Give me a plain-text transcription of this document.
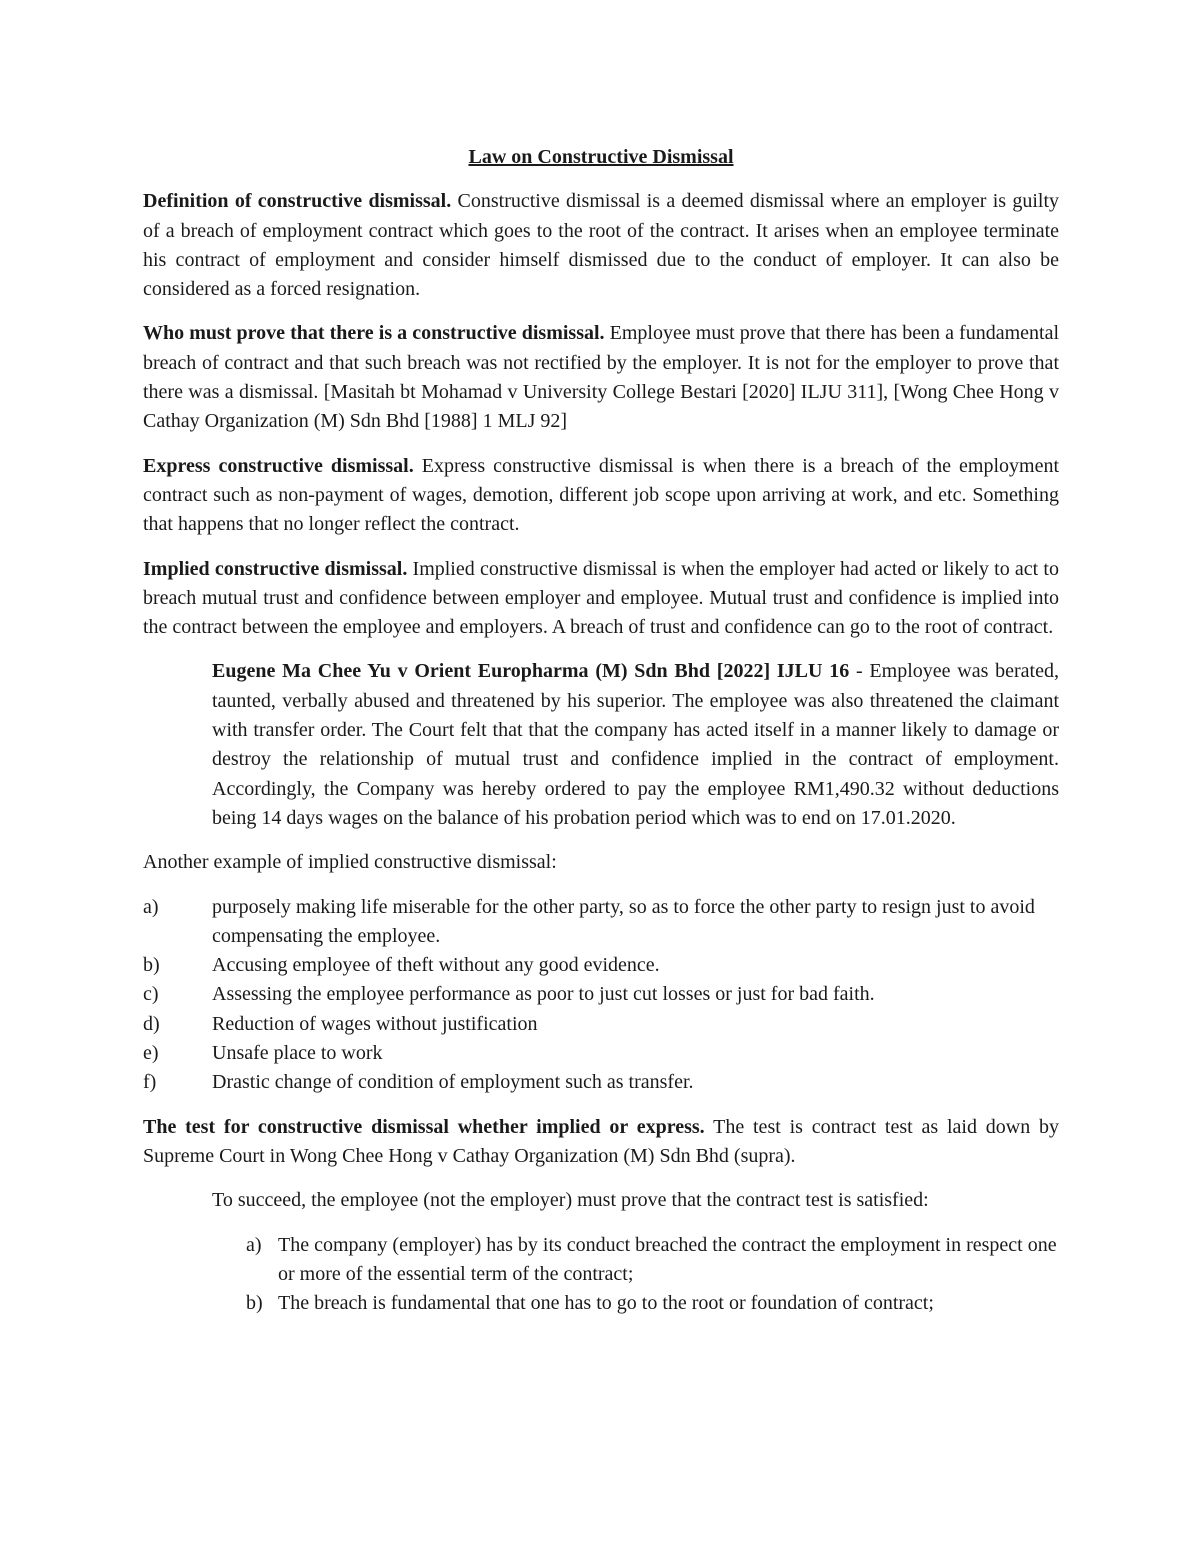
Law on Constructive Dismissal

Definition of constructive dismissal. Constructive dismissal is a deemed dismissal where an employer is guilty of a breach of employment contract which goes to the root of the contract. It arises when an employee terminate his contract of employment and consider himself dismissed due to the conduct of employer. It can also be considered as a forced resignation.

Who must prove that there is a constructive dismissal. Employee must prove that there has been a fundamental breach of contract and that such breach was not rectified by the employer. It is not for the employer to prove that there was a dismissal. [Masitah bt Mohamad v University College Bestari [2020] ILJU 311], [Wong Chee Hong v Cathay Organization (M) Sdn Bhd [1988] 1 MLJ 92]

Express constructive dismissal. Express constructive dismissal is when there is a breach of the employment contract such as non-payment of wages, demotion, different job scope upon arriving at work, and etc. Something that happens that no longer reflect the contract.

Implied constructive dismissal. Implied constructive dismissal is when the employer had acted or likely to act to breach mutual trust and confidence between employer and employee. Mutual trust and confidence is implied into the contract between the employee and employers. A breach of trust and confidence can go to the root of contract.

Eugene Ma Chee Yu v Orient Europharma (M) Sdn Bhd [2022] IJLU 16 - Employee was berated, taunted, verbally abused and threatened by his superior. The employee was also threatened the claimant with transfer order. The Court felt that that the company has acted itself in a manner likely to damage or destroy the relationship of mutual trust and confidence implied in the contract of employment. Accordingly, the Company was hereby ordered to pay the employee RM1,490.32 without deductions being 14 days wages on the balance of his probation period which was to end on 17.01.2020.

Another example of implied constructive dismissal:

a)	purposely making life miserable for the other party, so as to force the other party to resign just to avoid compensating the employee.
b)	Accusing employee of theft without any good evidence.
c)	Assessing the employee performance as poor to just cut losses or just for bad faith.
d)	Reduction of wages without justification
e)	Unsafe place to work
f)	Drastic change of condition of employment such as transfer.

The test for constructive dismissal whether implied or express. The test is contract test as laid down by Supreme Court in Wong Chee Hong v Cathay Organization (M) Sdn Bhd (supra).

To succeed, the employee (not the employer) must prove that the contract test is satisfied:

a) The company (employer) has by its conduct breached the contract the employment in respect one or more of the essential term of the contract;
b) The breach is fundamental that one has to go to the root or foundation of contract;
